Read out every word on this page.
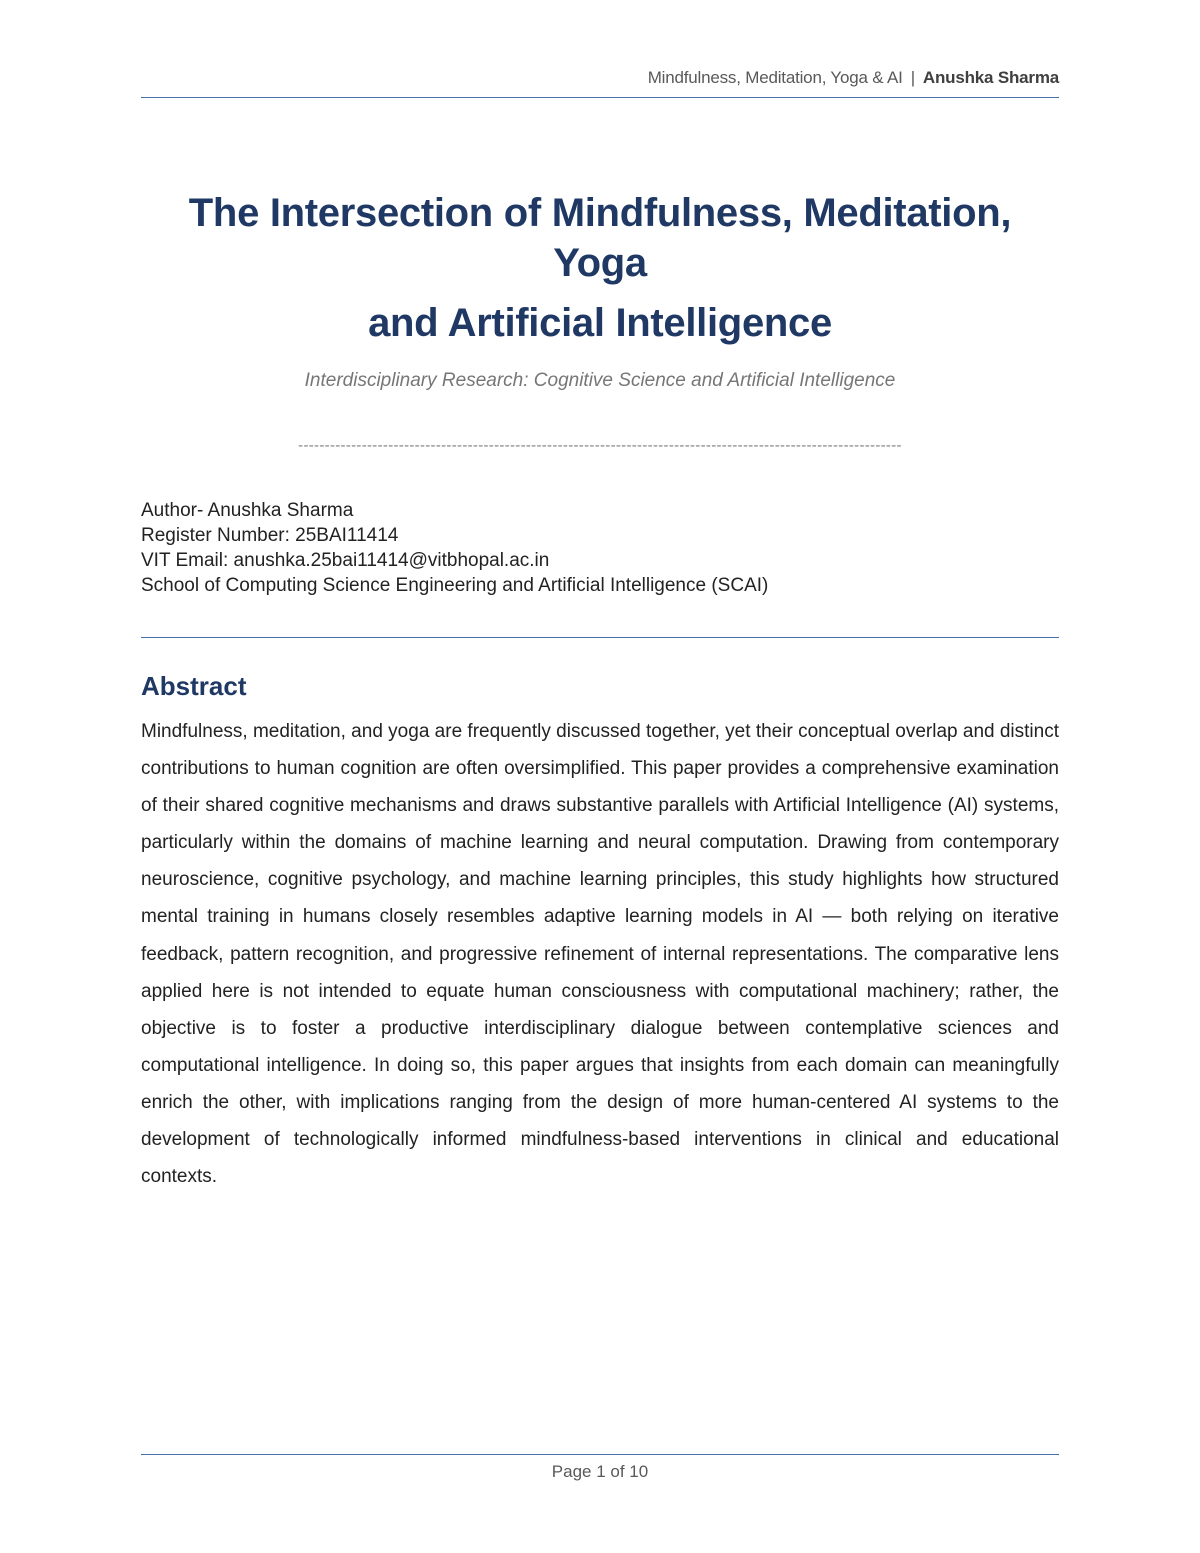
Mindfulness, Meditation, Yoga & AI | Anushka Sharma
The Intersection of Mindfulness, Meditation,
Yoga
and Artificial Intelligence
Interdisciplinary Research: Cognitive Science and Artificial Intelligence
------------------------------------------------------------------------------------------------------------------
Author- Anushka Sharma
Register Number: 25BAI11414
VIT Email: anushka.25bai11414@vitbhopal.ac.in
School of Computing Science Engineering and Artificial Intelligence (SCAI)
Abstract

Mindfulness, meditation, and yoga are frequently discussed together, yet their conceptual overlap and distinct contributions to human cognition are often oversimplified. This paper provides a comprehensive examination of their shared cognitive mechanisms and draws substantive parallels with Artificial Intelligence (AI) systems, particularly within the domains of machine learning and neural computation. Drawing from contemporary neuroscience, cognitive psychology, and machine learning principles, this study highlights how structured mental training in humans closely resembles adaptive learning models in AI — both relying on iterative feedback, pattern recognition, and progressive refinement of internal representations. The comparative lens applied here is not intended to equate human consciousness with computational machinery; rather, the objective is to foster a productive interdisciplinary dialogue between contemplative sciences and computational intelligence. In doing so, this paper argues that insights from each domain can meaningfully enrich the other, with implications ranging from the design of more human-centered AI systems to the development of technologically informed mindfulness-based interventions in clinical and educational contexts.

Page 1 of 10
